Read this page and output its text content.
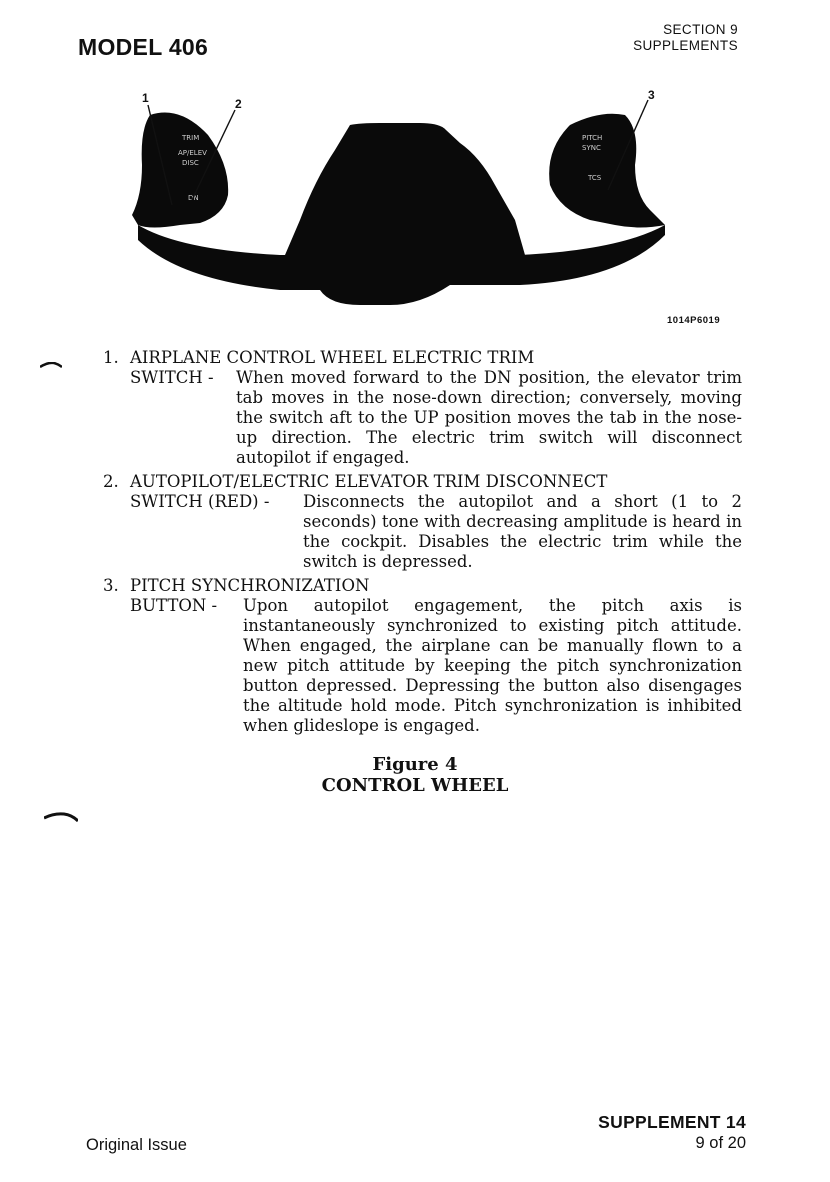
MODEL 406
SECTION 9
SUPPLEMENTS
TRIM
AP/ELEV
DISC
DN
PITCH
SYNC
TCS
1	2
3
1014P6019
1. AIRPLANE CONTROL WHEEL ELECTRIC TRIM
SWITCH - When moved forward to the DN position, the elevator trim tab moves in the nose-down direction; conversely, moving the switch aft to the UP position moves the tab in the nose-up direction. The electric trim switch will disconnect autopilot if engaged.

2. AUTOPILOT/ELECTRIC ELEVATOR TRIM DISCONNECT
SWITCH (RED) - Disconnects the autopilot and a short (1 to 2 seconds) tone with decreasing amplitude is heard in the cockpit. Disables the electric trim while the switch is depressed.

3. PITCH SYNCHRONIZATION
BUTTON - Upon autopilot engagement, the pitch axis is instantaneously synchronized to existing pitch attitude. When engaged, the airplane can be manually flown to a new pitch attitude by keeping the pitch synchronization button depressed. Depressing the button also disengages the altitude hold mode. Pitch synchronization is inhibited when glideslope is engaged.

Figure 4
CONTROL WHEEL
Original Issue
SUPPLEMENT 14
9 of 20
